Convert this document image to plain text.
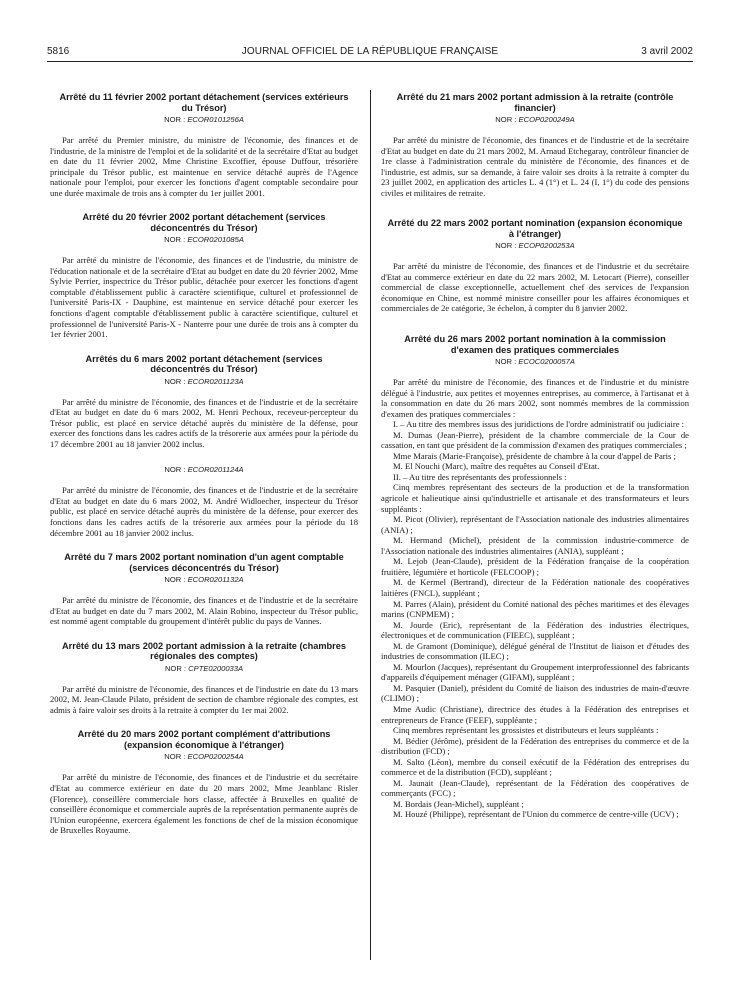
5816	JOURNAL OFFICIEL DE LA RÉPUBLIQUE FRANÇAISE	3 avril 2002
Arrêté du 11 février 2002 portant détachement (services extérieurs du Trésor)
NOR : ECOR0101256A

Par arrêté du Premier ministre, du ministre de l'économie, des finances et de l'industrie, de la ministre de l'emploi et de la solidarité et de la secrétaire d'Etat au budget en date du 11 février 2002, Mme Christine Excoffier, épouse Duffour, trésorière principale du Trésor public, est maintenue en service détaché auprès de l'Agence nationale pour l'emploi, pour exercer les fonctions d'agent comptable secondaire pour une durée maximale de trois ans à compter du 1er juillet 2001.

Arrêté du 20 février 2002 portant détachement (services déconcentrés du Trésor)
NOR : ECOR0201085A

Par arrêté du ministre de l'économie, des finances et de l'industrie, du ministre de l'éducation nationale et de la secrétaire d'Etat au budget en date du 20 février 2002, Mme Sylvie Perrier, inspectrice du Trésor public, détachée pour exercer les fonctions d'agent comptable d'établissement public à caractère scientifique, culturel et professionnel de l'université Paris-IX - Dauphine, est maintenue en service détaché pour exercer les fonctions d'agent comptable d'établissement public à caractère scientifique, culturel et professionnel de l'université Paris-X - Nanterre pour une durée de trois ans à compter du 1er février 2001.

Arrêtés du 6 mars 2002 portant détachement (services déconcentrés du Trésor)
NOR : ECOR0201123A

Par arrêté du ministre de l'économie, des finances et de l'industrie et de la secrétaire d'Etat au budget en date du 6 mars 2002, M. Henri Pechoux, receveur-percepteur du Trésor public, est placé en service détaché auprès du ministère de la défense, pour exercer des fonctions dans les cadres actifs de la trésorerie aux armées pour la période du 17 décembre 2001 au 18 janvier 2002 inclus.

NOR : ECOR0201124A

Par arrêté du ministre de l'économie, des finances et de l'industrie et de la secrétaire d'Etat au budget en date du 6 mars 2002, M. André Widloecher, inspecteur du Trésor public, est placé en service détaché auprès du ministère de la défense, pour exercer des fonctions dans les cadres actifs de la trésorerie aux armées pour la période du 18 décembre 2001 au 18 janvier 2002 inclus.

Arrêté du 7 mars 2002 portant nomination d'un agent comptable (services déconcentrés du Trésor)
NOR : ECOR0201132A

Par arrêté du ministre de l'économie, des finances et de l'industrie et de la secrétaire d'Etat au budget en date du 7 mars 2002, M. Alain Robino, inspecteur du Trésor public, est nommé agent comptable du groupement d'intérêt public du pays de Vannes.

Arrêté du 13 mars 2002 portant admission à la retraite (chambres régionales des comptes)
NOR : CPTE0200033A

Par arrêté du ministre de l'économie, des finances et de l'industrie en date du 13 mars 2002, M. Jean-Claude Pilato, président de section de chambre régionale des comptes, est admis à faire valoir ses droits à la retraite à compter du 1er mai 2002.

Arrêté du 20 mars 2002 portant complément d'attributions (expansion économique à l'étranger)
NOR : ECOP0200254A

Par arrêté du ministre de l'économie, des finances et de l'industrie et du secrétaire d'Etat au commerce extérieur en date du 20 mars 2002, Mme Jeanblanc Risler (Florence), conseillère commerciale hors classe, affectée à Bruxelles en qualité de conseillère économique et commerciale auprès de la représentation permanente auprès de l'Union européenne, exercera également les fonctions de chef de la mission économique de Bruxelles Royaume.

Arrêté du 21 mars 2002 portant admission à la retraite (contrôle financier)
NOR : ECOP0200249A

Par arrêté du ministre de l'économie, des finances et de l'industrie et de la secrétaire d'Etat au budget en date du 21 mars 2002, M. Arnaud Etchegaray, contrôleur financier de 1re classe à l'administration centrale du ministère de l'économie, des finances et de l'industrie, est admis, sur sa demande, à faire valoir ses droits à la retraite à compter du 23 juillet 2002, en application des articles L. 4 (1°) et L. 24 (I, 1°) du code des pensions civiles et militaires de retraite.

Arrêté du 22 mars 2002 portant nomination (expansion économique à l'étranger)
NOR : ECOP0200253A

Par arrêté du ministre de l'économie, des finances et de l'industrie et du secrétaire d'Etat au commerce extérieur en date du 22 mars 2002, M. Letocart (Pierre), conseiller commercial de classe exceptionnelle, actuellement chef des services de l'expansion économique en Chine, est nommé ministre conseiller pour les affaires économiques et commerciales de 2e catégorie, 3e échelon, à compter du 8 janvier 2002.

Arrêté du 26 mars 2002 portant nomination à la commission d'examen des pratiques commerciales
NOR : ECOC0200057A

Par arrêté du ministre de l'économie, des finances et de l'industrie et du ministre délégué à l'industrie, aux petites et moyennes entreprises, au commerce, à l'artisanat et à la consommation en date du 26 mars 2002, sont nommés membres de la commission d'examen des pratiques commerciales :

I. – Au titre des membres issus des juridictions de l'ordre administratif ou judiciaire :

M. Dumas (Jean-Pierre), président de la chambre commerciale de la Cour de cassation, en tant que président de la commission d'examen des pratiques commerciales ;

Mme Marais (Marie-Françoise), présidente de chambre à la cour d'appel de Paris ;

M. El Nouchi (Marc), maître des requêtes au Conseil d'Etat.

II. – Au titre des représentants des professionnels :

Cinq membres représentant des secteurs de la production et de la transformation agricole et halieutique ainsi qu'industrielle et artisanale et des transformateurs et leurs suppléants :

M. Picot (Olivier), représentant de l'Association nationale des industries alimentaires (ANIA) ;

M. Hermand (Michel), président de la commission industrie-commerce de l'Association nationale des industries alimentaires (ANIA), suppléant ;

M. Lejob (Jean-Claude), président de la Fédération française de la coopération fruitière, légumière et horticole (FELCOOP) ;

M. de Kermel (Bertrand), directeur de la Fédération nationale des coopératives laitières (FNCL), suppléant ;

M. Parres (Alain), président du Comité national des pêches maritimes et des élevages marins (CNPMEM) ;

M. Jourde (Eric), représentant de la Fédération des industries électriques, électroniques et de communication (FIEEC), suppléant ;

M. de Gramont (Dominique), délégué général de l'Institut de liaison et d'études des industries de consommation (ILEC) ;

M. Mourlon (Jacques), représentant du Groupement interprofessionnel des fabricants d'appareils d'équipement ménager (GIFAM), suppléant ;

M. Pasquier (Daniel), président du Comité de liaison des industries de main-d'œuvre (CLIMO) ;

Mme Audic (Christiane), directrice des études à la Fédération des entreprises et entrepreneurs de France (FEEF), suppléante ;

Cinq membres représentant les grossistes et distributeurs et leurs suppléants :

M. Bédier (Jérôme), président de la Fédération des entreprises du commerce et de la distribution (FCD) ;

M. Salto (Léon), membre du conseil exécutif de la Fédération des entreprises du commerce et de la distribution (FCD), suppléant ;

M. Jaunait (Jean-Claude), représentant de la Fédération des coopératives de commerçants (FCC) ;

M. Bordais (Jean-Michel), suppléant ;

M. Houzé (Philippe), représentant de l'Union du commerce de centre-ville (UCV) ;
